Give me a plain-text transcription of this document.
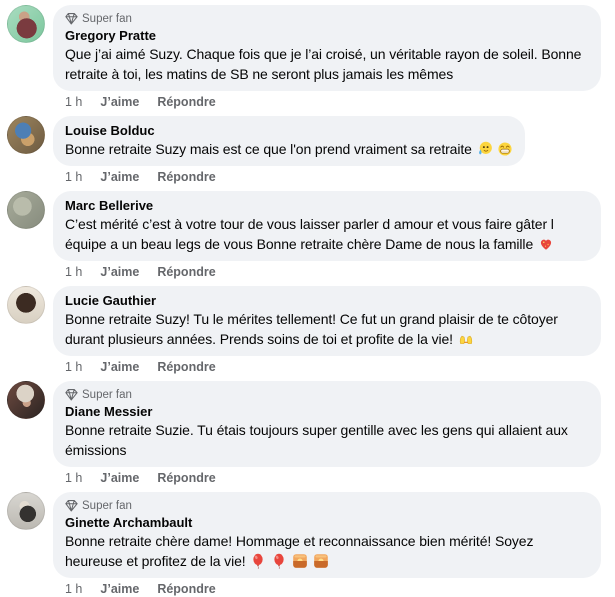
Super fan
Gregory Pratte
Que j’ai aimé Suzy. Chaque fois que je l’ai croisé, un véritable rayon de soleil. Bonne retraite à toi, les matins de SB ne seront plus jamais les mêmes
1 h J’aime Répondre
Louise Bolduc
Bonne retraite Suzy mais est ce que l'on prend vraiment sa retraite
1 h J’aime Répondre
Marc Bellerive
C’est mérité c’est à votre tour de vous laisser parler d amour et vous faire gâter l équipe a un beau legs de vous Bonne retraite chère Dame de nous la famille
1 h J’aime Répondre
Lucie Gauthier
Bonne retraite Suzy! Tu le mérites tellement! Ce fut un grand plaisir de te côtoyer durant plusieurs années. Prends soins de toi et profite de la vie!
1 h J’aime Répondre
Super fan
Diane Messier
Bonne retraite Suzie. Tu étais toujours super gentille avec les gens qui allaient aux émissions
1 h J’aime Répondre
Super fan
Ginette Archambault
Bonne retraite chère dame! Hommage et reconnaissance bien mérité! Soyez heureuse et profitez de la vie!
1 h J’aime Répondre
